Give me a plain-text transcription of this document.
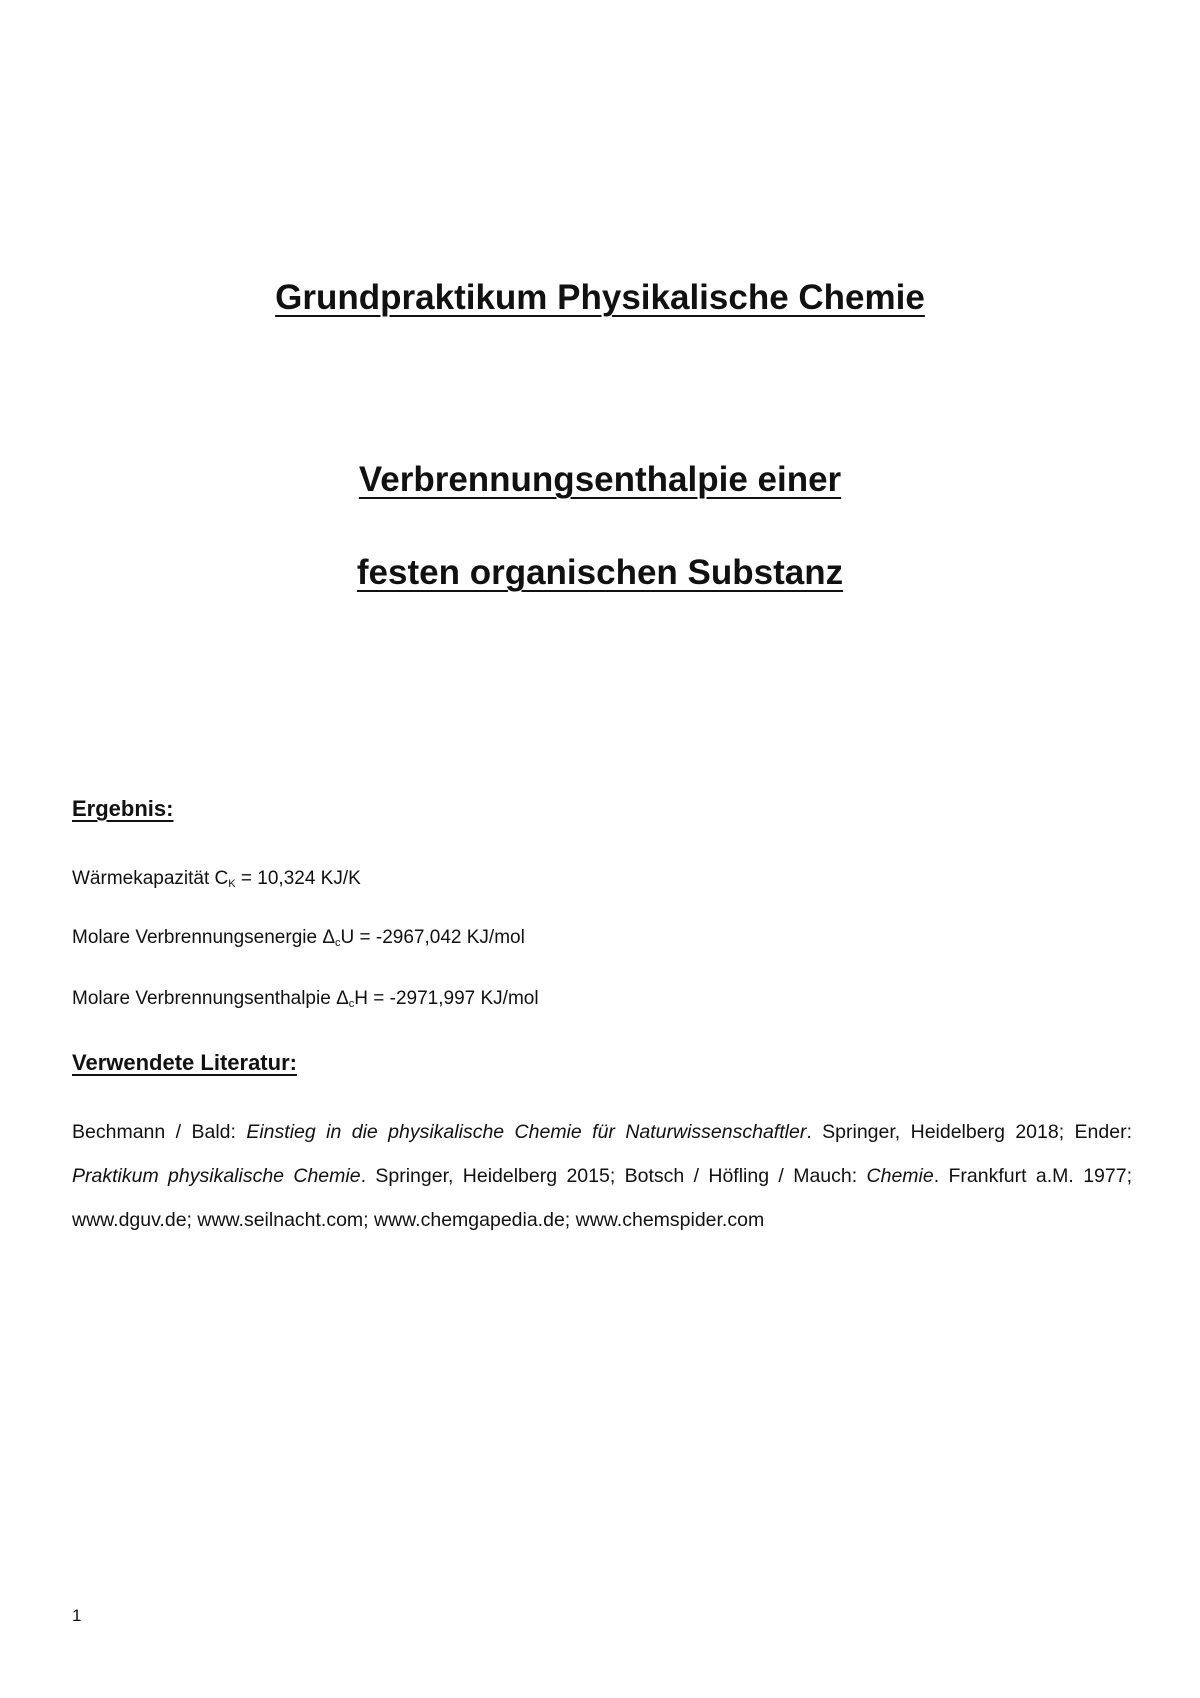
Grundpraktikum Physikalische Chemie
Verbrennungsenthalpie einer
festen organischen Substanz

Ergebnis:

Wärmekapazität $C_K = 10,324$ KJ/K

Molare Verbrennungsenergie $\Delta_cU = -2967,042$ KJ/mol

Molare Verbrennungsenthalpie $\Delta_cH = -2971,997$ KJ/mol

Verwendete Literatur:

Bechmann / Bald: Einstieg in die physikalische Chemie für Naturwissenschaftler. Springer, Heidelberg 2018; Ender: Praktikum physikalische Chemie. Springer, Heidelberg 2015; Botsch / Höfling / Mauch: Chemie. Frankfurt a.M. 1977; www.dguv.de; www.seilnacht.com; www.chemgapedia.de; www.chemspider.com

1
